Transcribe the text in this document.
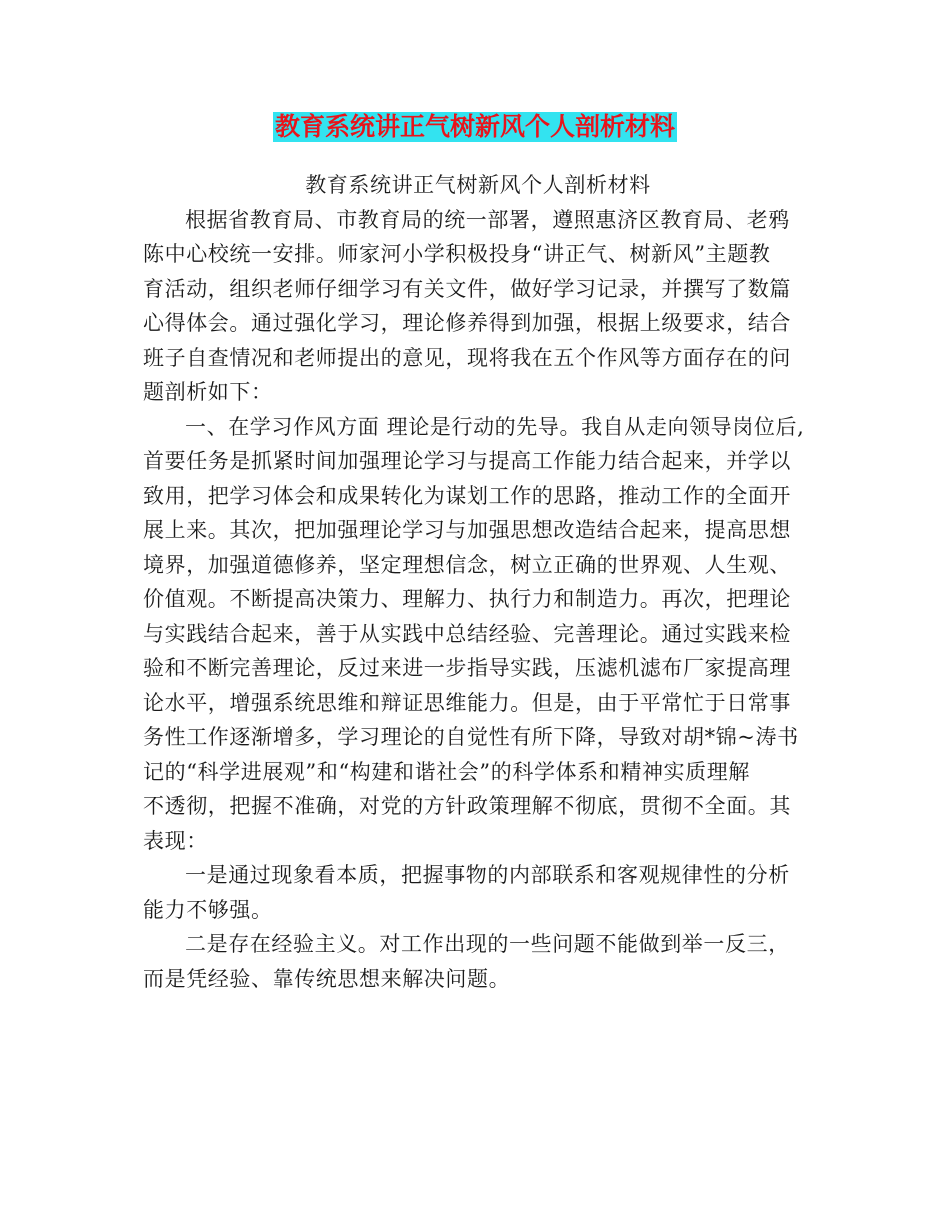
教育系统讲正气树新风个人剖析材料
教育系统讲正气树新风个人剖析材料
根据省教育局、市教育局的统一部署，遵照惠济区教育局、老鸦
陈中心校统一安排。师家河小学积极投身“讲正气、树新风”主题教
育活动，组织老师仔细学习有关文件，做好学习记录，并撰写了数篇
心得体会。通过强化学习，理论修养得到加强，根据上级要求，结合
班子自查情况和老师提出的意见，现将我在五个作风等方面存在的问
题剖析如下：
一、在学习作风方面 理论是行动的先导。我自从走向领导岗位后,
首要任务是抓紧时间加强理论学习与提高工作能力结合起来，并学以
致用，把学习体会和成果转化为谋划工作的思路，推动工作的全面开
展上来。其次，把加强理论学习与加强思想改造结合起来，提高思想
境界，加强道德修养，坚定理想信念，树立正确的世界观、人生观、
价值观。不断提高决策力、理解力、执行力和制造力。再次，把理论
与实践结合起来，善于从实践中总结经验、完善理论。通过实践来检
验和不断完善理论，反过来进一步指导实践，压滤机滤布厂家提高理
论水平，增强系统思维和辩证思维能力。但是，由于平常忙于日常事
务性工作逐渐增多，学习理论的自觉性有所下降，导致对胡*锦~涛书
记的“科学进展观”和“构建和谐社会”的科学体系和精神实质理解
不透彻，把握不准确，对党的方针政策理解不彻底，贯彻不全面。其
表现：
一是通过现象看本质，把握事物的内部联系和客观规律性的分析
能力不够强。
二是存在经验主义。对工作出现的一些问题不能做到举一反三，
而是凭经验、靠传统思想来解决问题。
